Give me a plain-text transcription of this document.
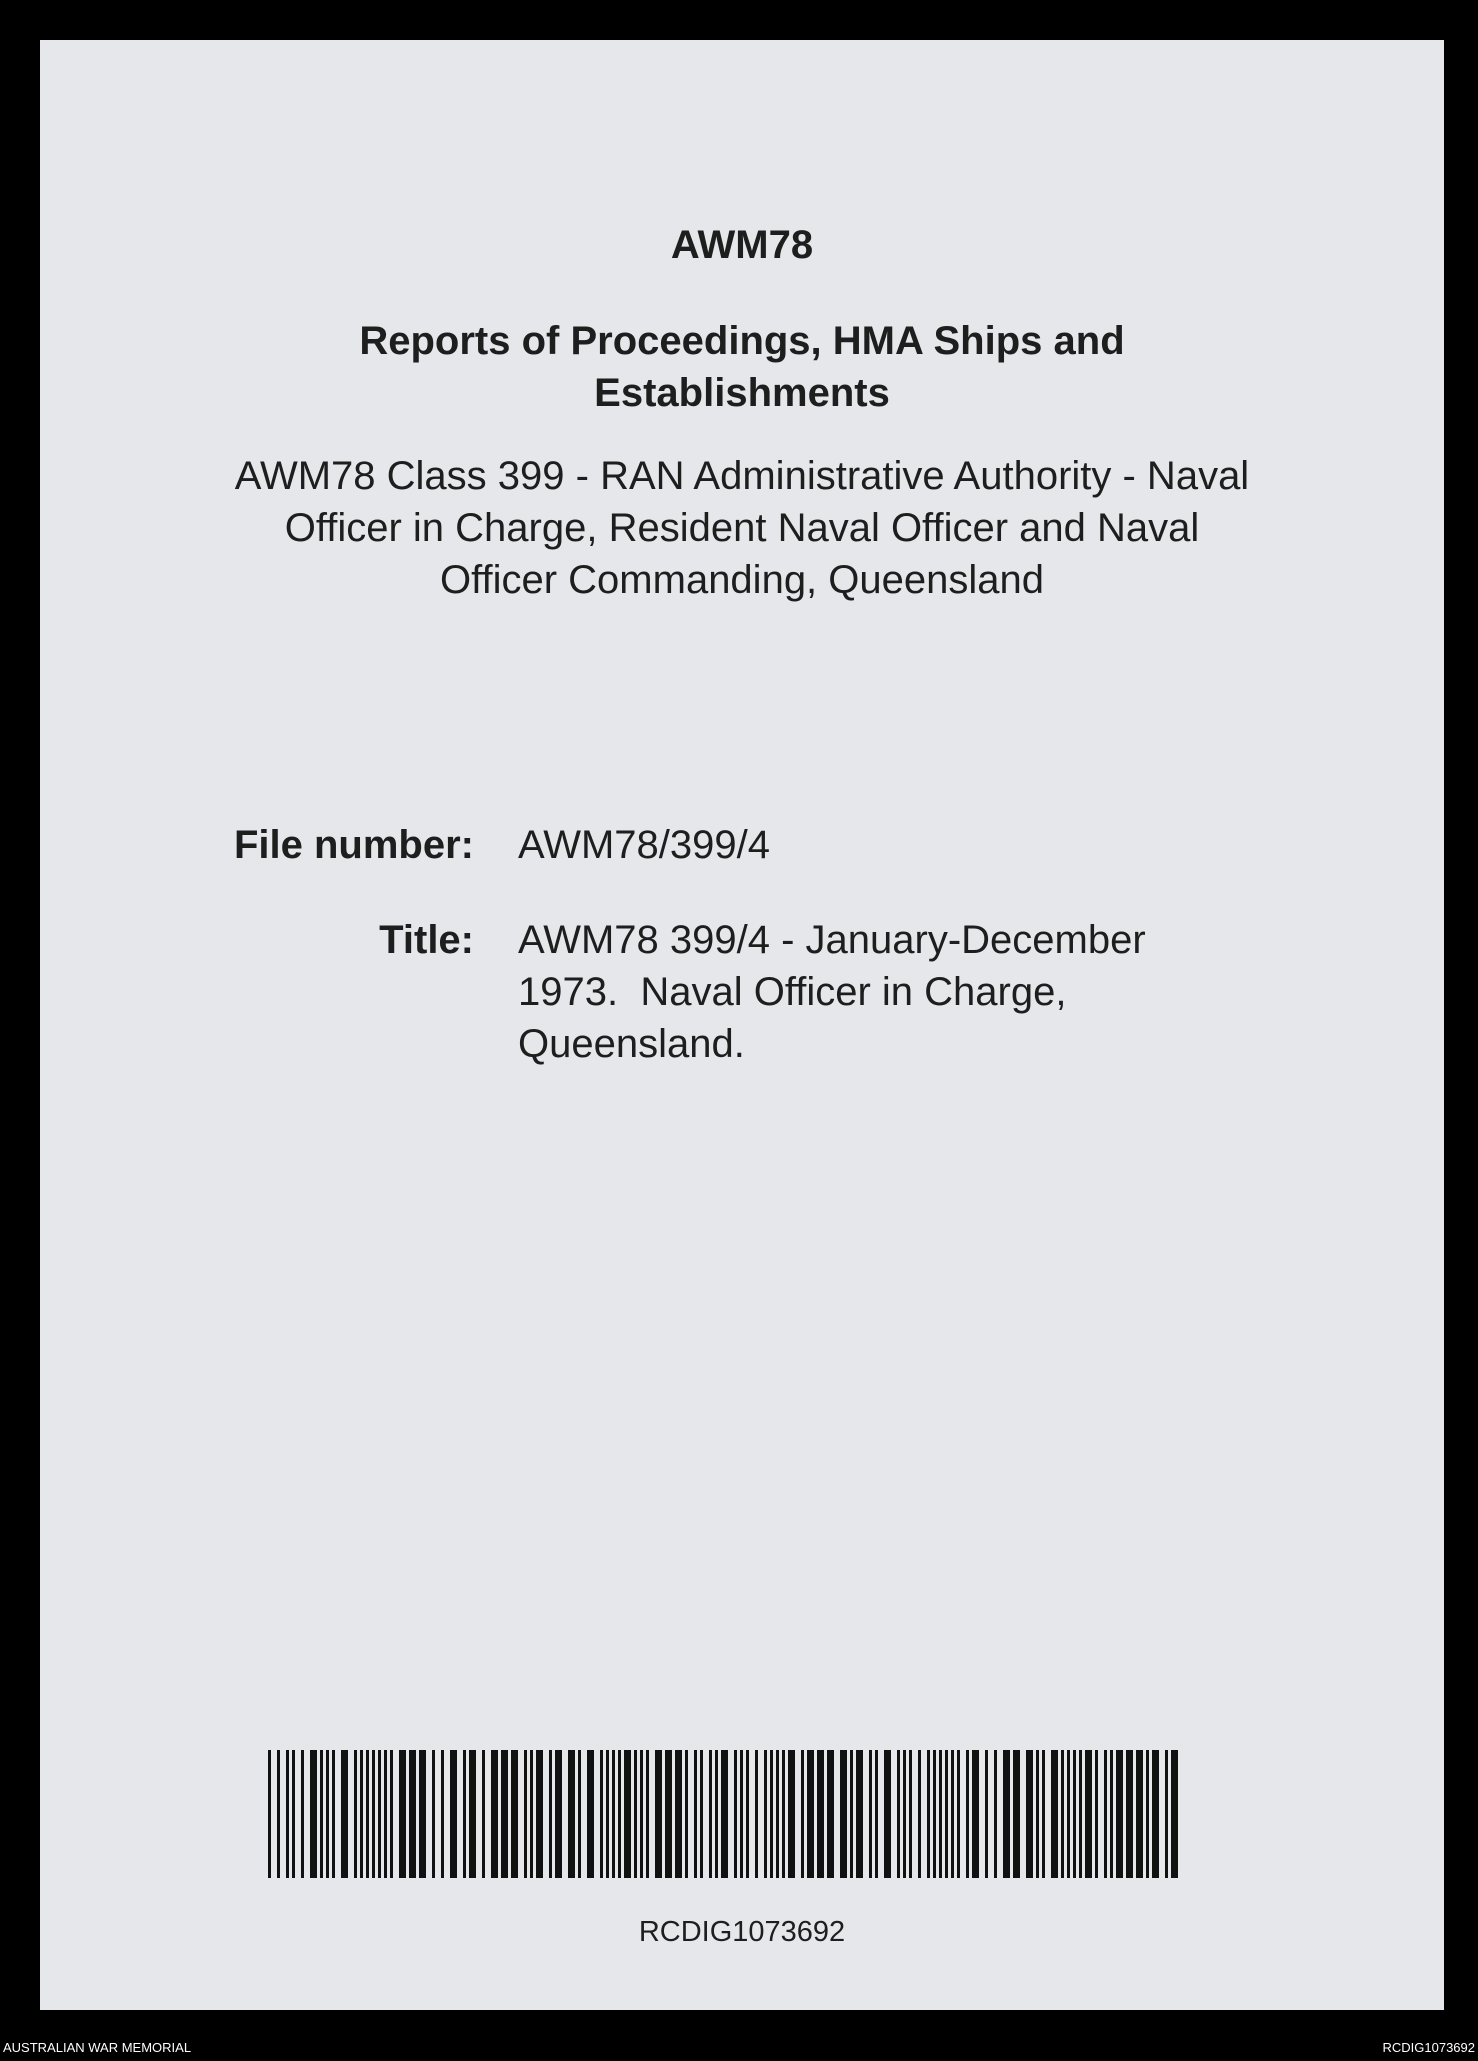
AWM78
Reports of Proceedings, HMA Ships and
Establishments
AWM78 Class 399 - RAN Administrative Authority - Naval
Officer in Charge, Resident Naval Officer and Naval
Officer Commanding, Queensland
File number: AWM78/399/4
Title: AWM78 399/4 - January-December
1973.  Naval Officer in Charge,
Queensland.
RCDIG1073692
AUSTRALIAN WAR MEMORIAL	RCDIG1073692
